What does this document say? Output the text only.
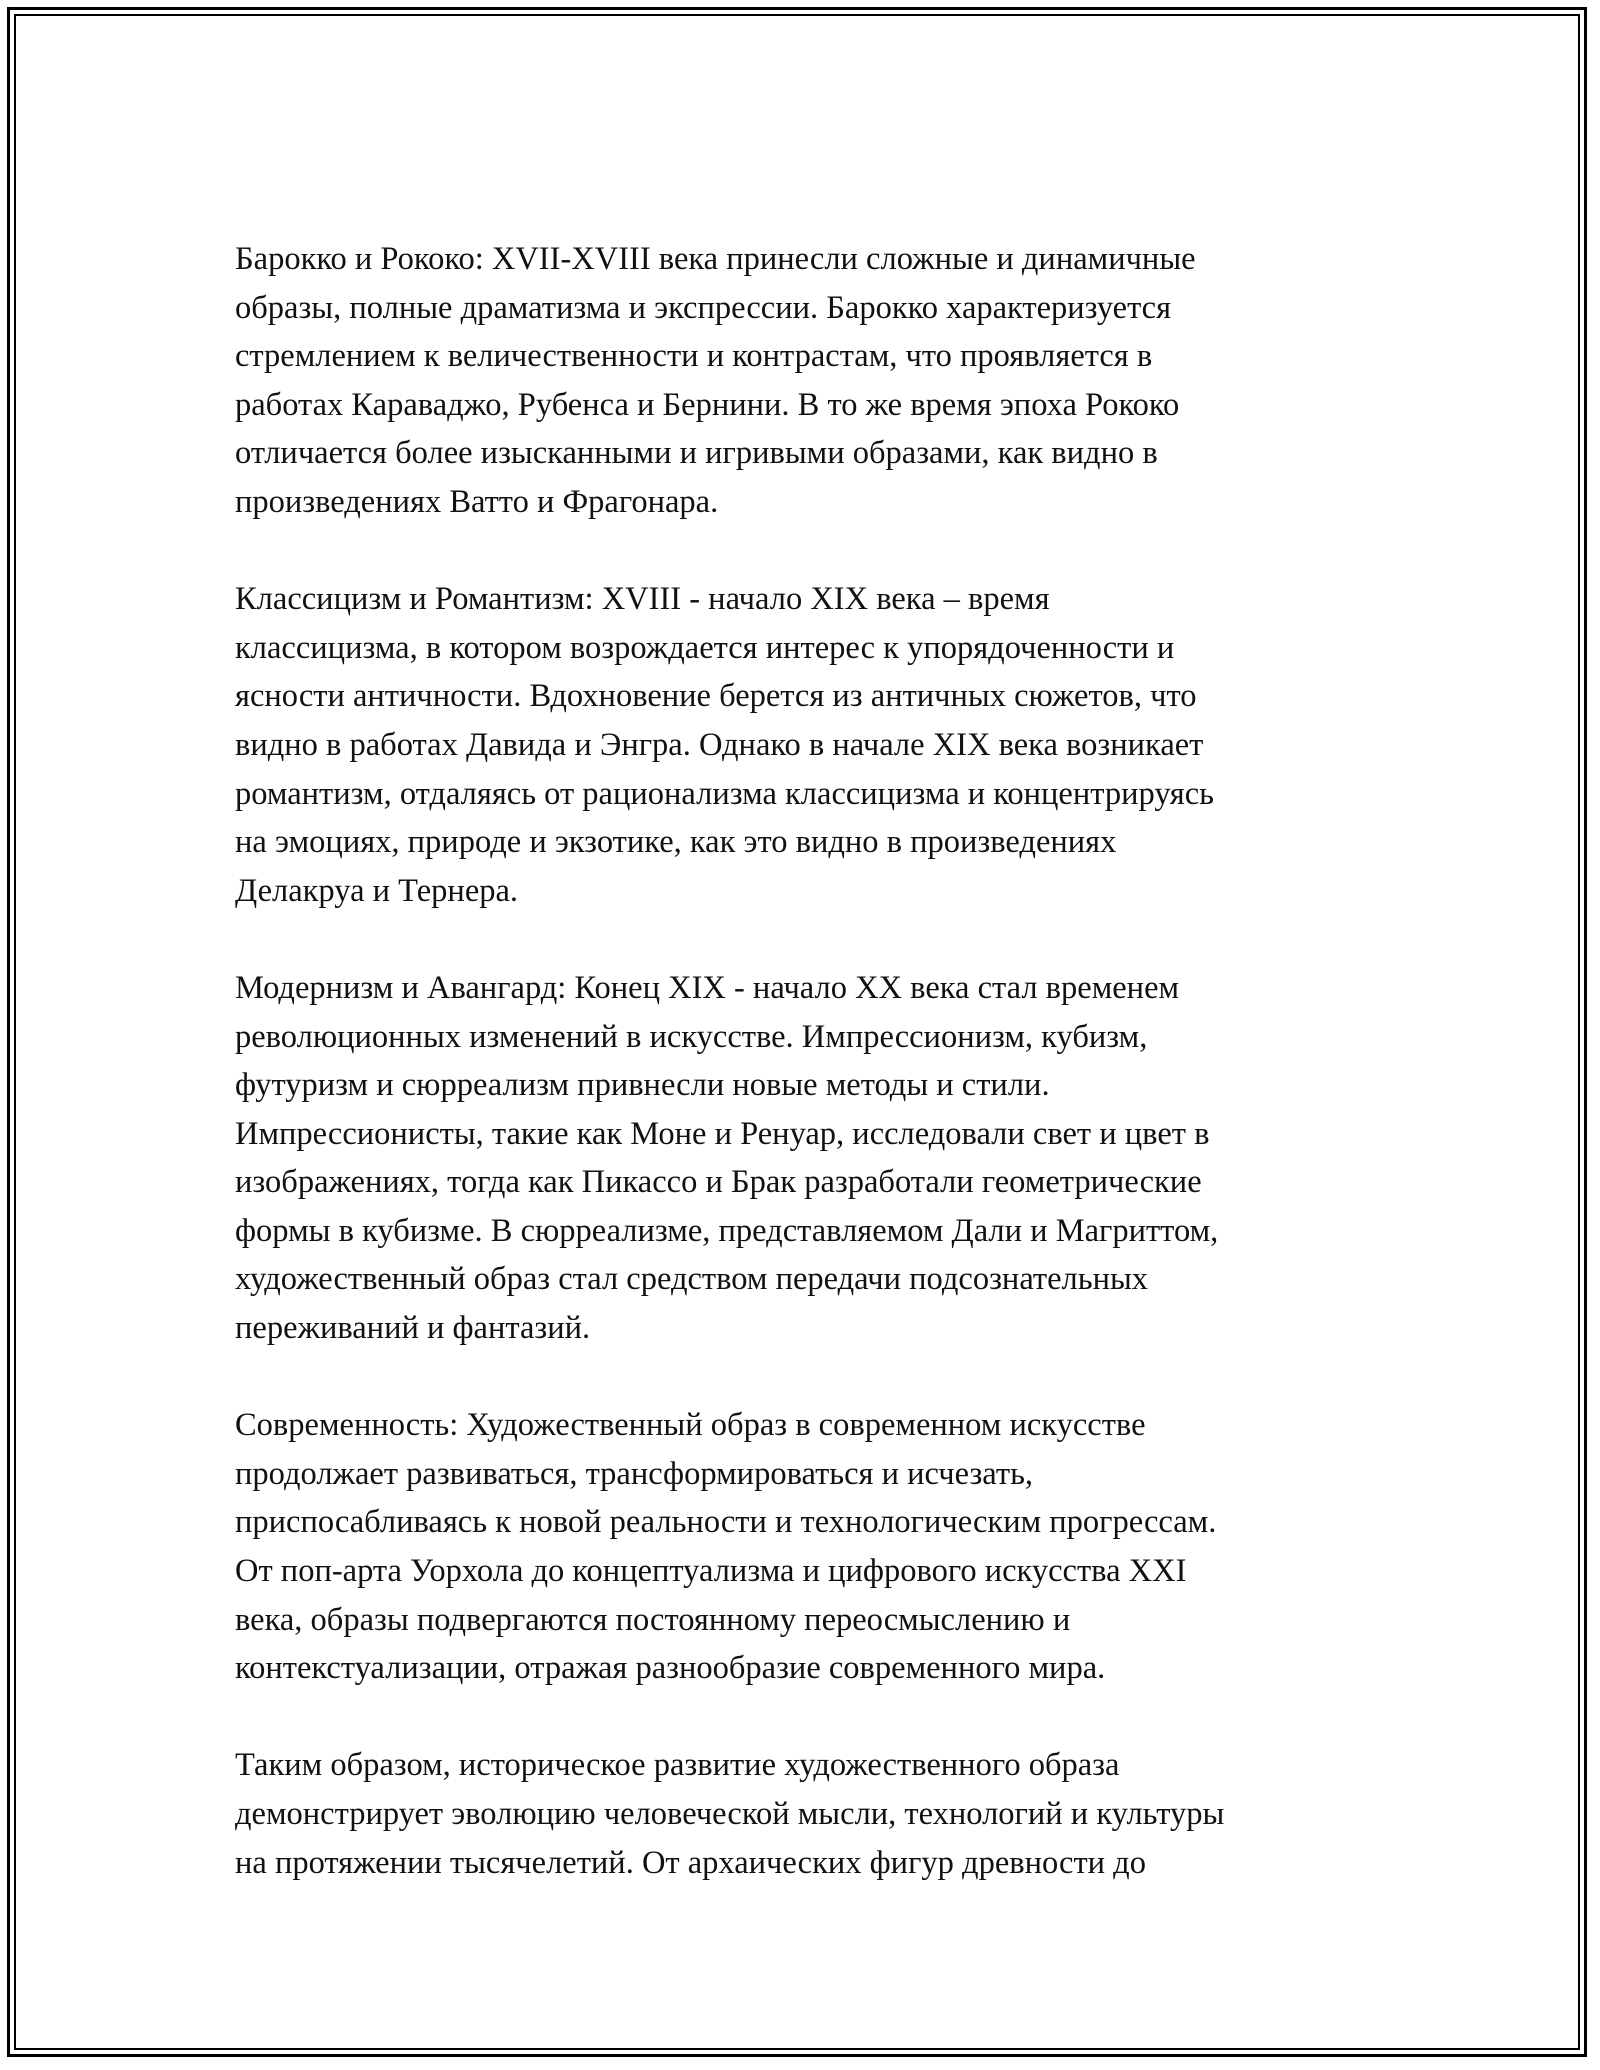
Барокко и Рококо: XVII-XVIII века принесли сложные и динамичные
образы, полные драматизма и экспрессии. Барокко характеризуется
стремлением к величественности и контрастам, что проявляется в
работах Караваджо, Рубенса и Бернини. В то же время эпоха Рококо
отличается более изысканными и игривыми образами, как видно в
произведениях Ватто и Фрагонара.

Классицизм и Романтизм: XVIII - начало XIX века – время
классицизма, в котором возрождается интерес к упорядоченности и
ясности античности. Вдохновение берется из античных сюжетов, что
видно в работах Давида и Энгра. Однако в начале XIX века возникает
романтизм, отдаляясь от рационализма классицизма и концентрируясь
на эмоциях, природе и экзотике, как это видно в произведениях
Делакруа и Тернера.

Модернизм и Авангард: Конец XIX - начало XX века стал временем
революционных изменений в искусстве. Импрессионизм, кубизм,
футуризм и сюрреализм привнесли новые методы и стили.
Импрессионисты, такие как Моне и Ренуар, исследовали свет и цвет в
изображениях, тогда как Пикассо и Брак разработали геометрические
формы в кубизме. В сюрреализме, представляемом Дали и Магриттом,
художественный образ стал средством передачи подсознательных
переживаний и фантазий.

Современность: Художественный образ в современном искусстве
продолжает развиваться, трансформироваться и исчезать,
приспосабливаясь к новой реальности и технологическим прогрессам.
От поп-арта Уорхола до концептуализма и цифрового искусства XXI
века, образы подвергаются постоянному переосмыслению и
контекстуализации, отражая разнообразие современного мира.

Таким образом, историческое развитие художественного образа
демонстрирует эволюцию человеческой мысли, технологий и культуры
на протяжении тысячелетий. От архаических фигур древности до
